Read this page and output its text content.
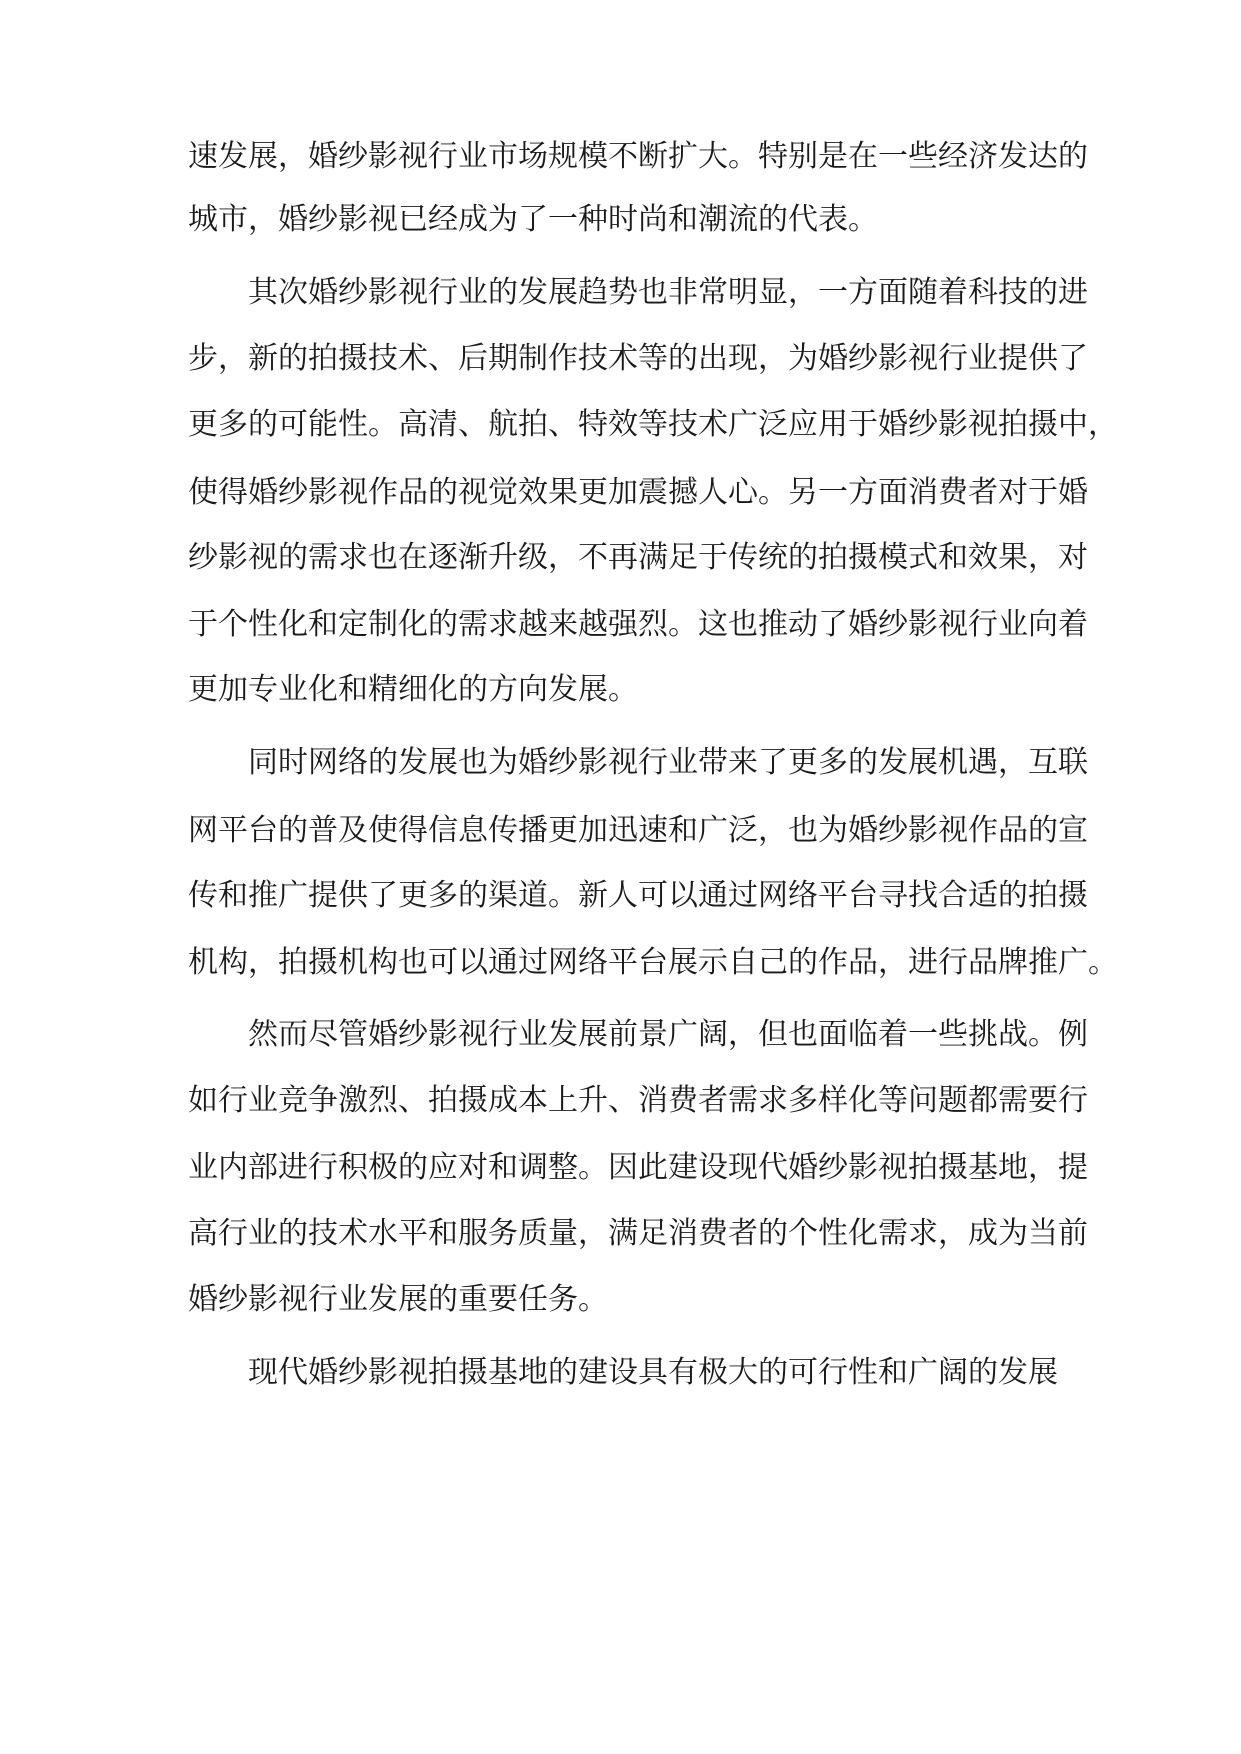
速发展，婚纱影视行业市场规模不断扩大。特别是在一些经济发达的

城市，婚纱影视已经成为了一种时尚和潮流的代表。

其次婚纱影视行业的发展趋势也非常明显，一方面随着科技的进

步，新的拍摄技术、后期制作技术等的出现，为婚纱影视行业提供了

更多的可能性。高清、航拍、特效等技术广泛应用于婚纱影视拍摄中，

使得婚纱影视作品的视觉效果更加震撼人心。另一方面消费者对于婚

纱影视的需求也在逐渐升级，不再满足于传统的拍摄模式和效果，对

于个性化和定制化的需求越来越强烈。这也推动了婚纱影视行业向着

更加专业化和精细化的方向发展。

同时网络的发展也为婚纱影视行业带来了更多的发展机遇，互联

网平台的普及使得信息传播更加迅速和广泛，也为婚纱影视作品的宣

传和推广提供了更多的渠道。新人可以通过网络平台寻找合适的拍摄

机构，拍摄机构也可以通过网络平台展示自己的作品，进行品牌推广。

然而尽管婚纱影视行业发展前景广阔，但也面临着一些挑战。例

如行业竞争激烈、拍摄成本上升、消费者需求多样化等问题都需要行

业内部进行积极的应对和调整。因此建设现代婚纱影视拍摄基地，提

高行业的技术水平和服务质量，满足消费者的个性化需求，成为当前

婚纱影视行业发展的重要任务。

现代婚纱影视拍摄基地的建设具有极大的可行性和广阔的发展
